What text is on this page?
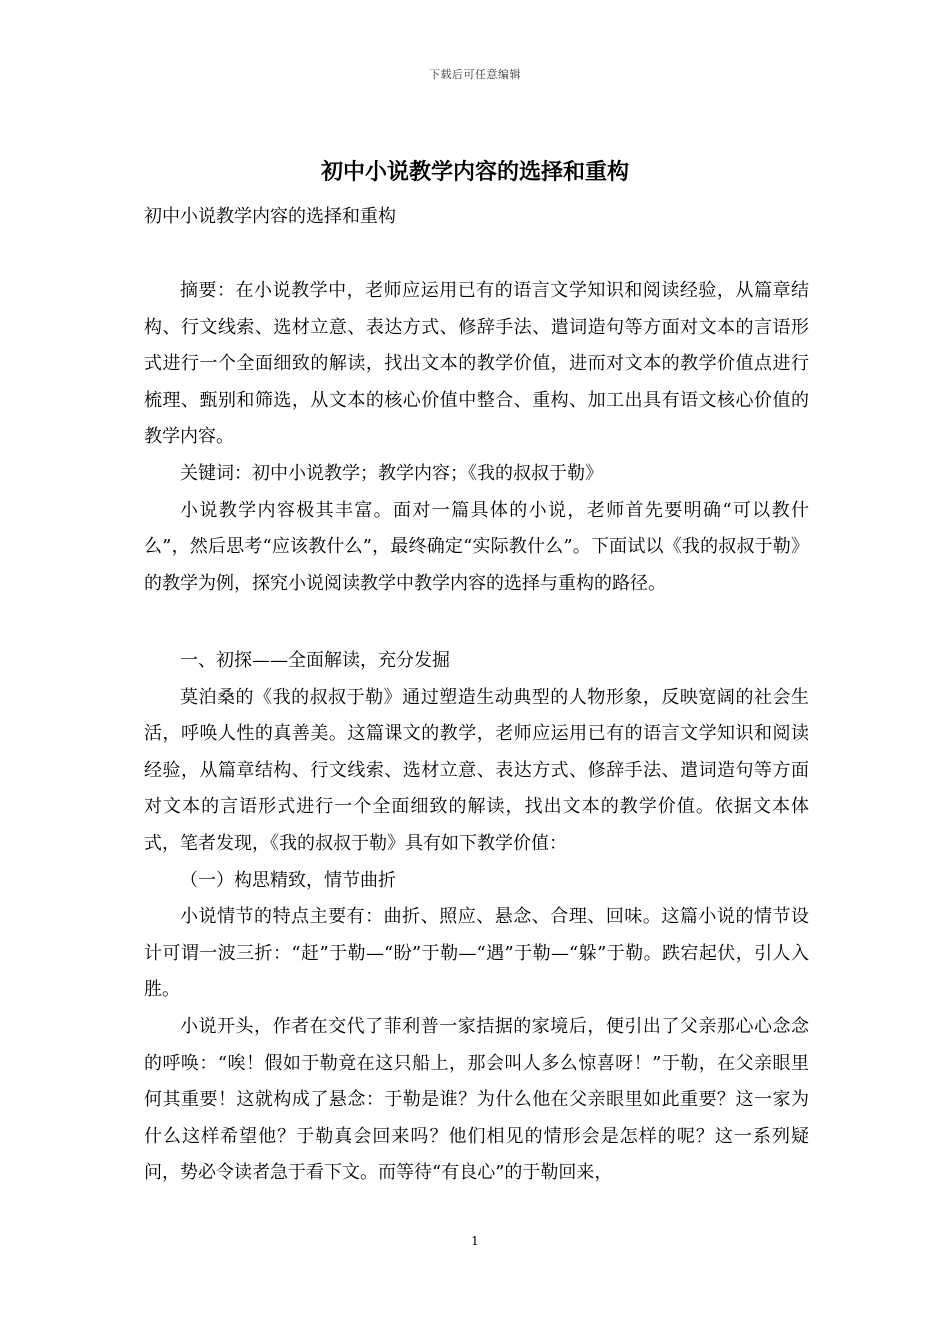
下载后可任意编辑
初中小说教学内容的选择和重构
初中小说教学内容的选择和重构

摘要：在小说教学中，老师应运用已有的语言文学知识和阅读经验，从篇章结构、行文线索、选材立意、表达方式、修辞手法、遣词造句等方面对文本的言语形式进行一个全面细致的解读，找出文本的教学价值，进而对文本的教学价值点进行梳理、甄别和筛选，从文本的核心价值中整合、重构、加工出具有语文核心价值的教学内容。

关键词：初中小说教学；教学内容；《我的叔叔于勒》

小说教学内容极其丰富。面对一篇具体的小说，老师首先要明确“可以教什么”，然后思考“应该教什么”，最终确定“实际教什么”。下面试以《我的叔叔于勒》的教学为例，探究小说阅读教学中教学内容的选择与重构的路径。

一、初探——全面解读，充分发掘

莫泊桑的《我的叔叔于勒》通过塑造生动典型的人物形象，反映宽阔的社会生活，呼唤人性的真善美。这篇课文的教学，老师应运用已有的语言文学知识和阅读经验，从篇章结构、行文线索、选材立意、表达方式、修辞手法、遣词造句等方面对文本的言语形式进行一个全面细致的解读，找出文本的教学价值。依据文本体式，笔者发现，《我的叔叔于勒》具有如下教学价值：

（一）构思精致，情节曲折

小说情节的特点主要有：曲折、照应、悬念、合理、回味。这篇小说的情节设计可谓一波三折：“赶”于勒—“盼”于勒—“遇”于勒—“躲”于勒。跌宕起伏，引人入胜。

小说开头，作者在交代了菲利普一家拮据的家境后，便引出了父亲那心心念念的呼唤：“唉！假如于勒竟在这只船上，那会叫人多么惊喜呀！”于勒，在父亲眼里何其重要！这就构成了悬念：于勒是谁？为什么他在父亲眼里如此重要？这一家为什么这样希望他？于勒真会回来吗？他们相见的情形会是怎样的呢？这一系列疑问，势必令读者急于看下文。而等待“有良心”的于勒回来，

1
